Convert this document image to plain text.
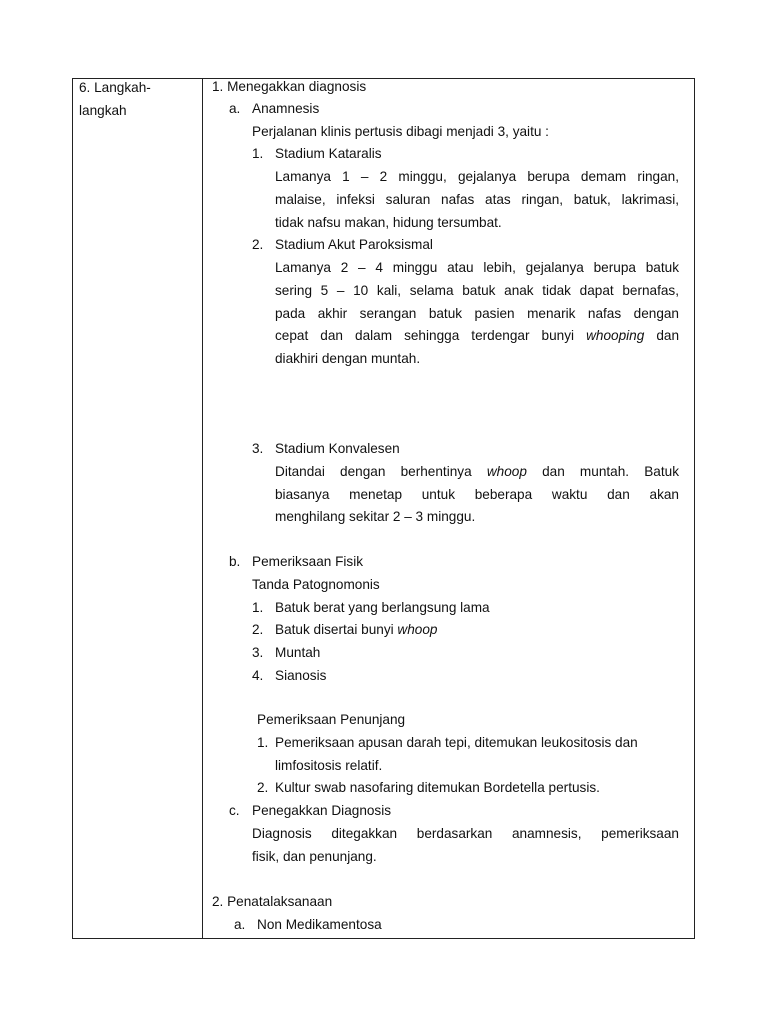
6. Langkah-
langkah
1. Menegakkan diagnosis
a. Anamnesis
Perjalanan klinis pertusis dibagi menjadi 3, yaitu :
1. Stadium Kataralis
Lamanya 1 – 2 minggu, gejalanya berupa demam ringan,
malaise, infeksi saluran nafas atas ringan, batuk, lakrimasi,
tidak nafsu makan, hidung tersumbat.
2. Stadium Akut Paroksismal
Lamanya 2 – 4 minggu atau lebih, gejalanya berupa batuk
sering 5 – 10 kali, selama batuk anak tidak dapat bernafas,
pada akhir serangan batuk pasien menarik nafas dengan
cepat dan dalam sehingga terdengar bunyi whooping dan
diakhiri dengan muntah.
3. Stadium Konvalesen
Ditandai dengan berhentinya whoop dan muntah. Batuk
biasanya menetap untuk beberapa waktu dan akan
menghilang sekitar 2 – 3 minggu.
b. Pemeriksaan Fisik
Tanda Patognomonis
1. Batuk berat yang berlangsung lama
2. Batuk disertai bunyi whoop
3. Muntah
4. Sianosis
Pemeriksaan Penunjang
1. Pemeriksaan apusan darah tepi, ditemukan leukositosis dan
limfositosis relatif.
2. Kultur swab nasofaring ditemukan Bordetella pertusis.
c. Penegakkan Diagnosis
Diagnosis ditegakkan berdasarkan anamnesis, pemeriksaan
fisik, dan penunjang.
2. Penatalaksanaan
a. Non Medikamentosa
